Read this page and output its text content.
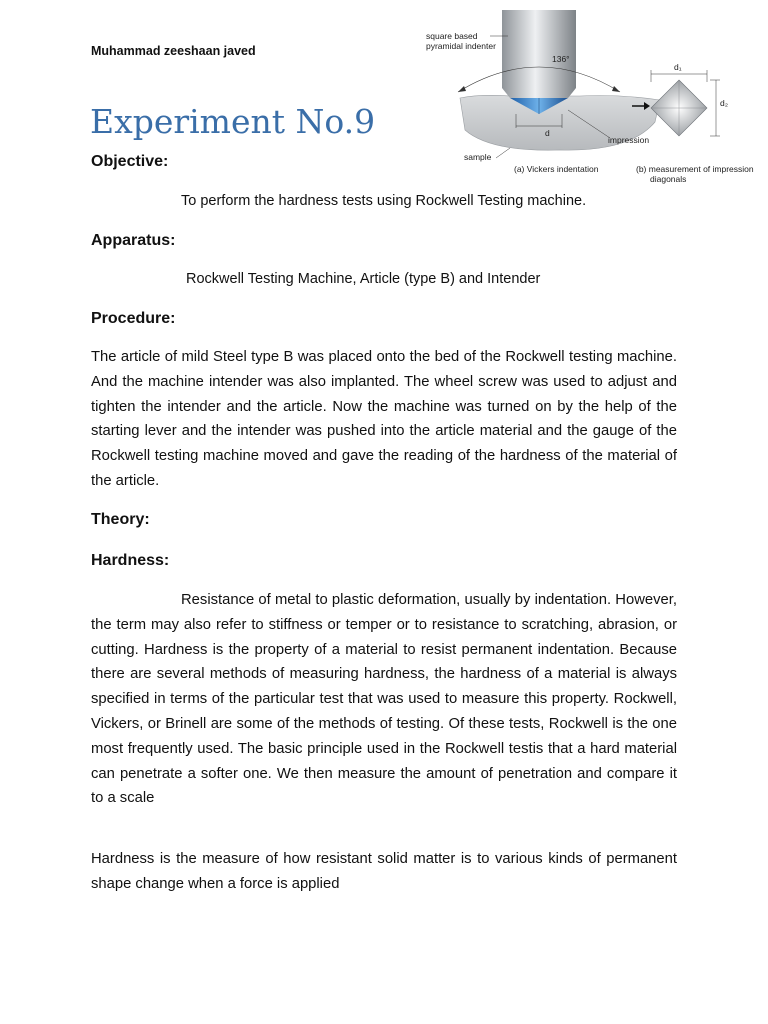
Muhammad zeeshaan javed
Experiment No.9
136°
d
square based
pyramidal indenter
impression
sample
d₁
d₂
(a) Vickers indentation	(b) measurement of impression
diagonals
Objective:
To perform the hardness tests using Rockwell Testing machine.
Apparatus:
Rockwell Testing Machine, Article (type B) and Intender
Procedure:

The article of mild Steel type B was placed onto the bed of the Rockwell testing machine. And the machine intender was also implanted. The wheel screw was used to adjust and tighten the intender and the article. Now the machine was turned on by the help of the starting lever and the intender was pushed into the article material and the gauge of the Rockwell testing machine moved and gave the reading of the hardness of the material of the article.

Theory:
Hardness:

Resistance of metal to plastic deformation, usually by indentation. However, the term may also refer to stiffness or temper or to resistance to scratching, abrasion, or cutting. Hardness is the property of a material to resist permanent indentation. Because there are several methods of measuring hardness, the hardness of a material is always specified in terms of the particular test that was used to measure this property. Rockwell, Vickers, or Brinell are some of the methods of testing. Of these tests, Rockwell is the one most frequently used. The basic principle used in the Rockwell testis that a hard material can penetrate a softer one. We then measure the amount of penetration and compare it to a scale

Hardness is the measure of how resistant solid matter is to various kinds of permanent shape change when a force is applied
